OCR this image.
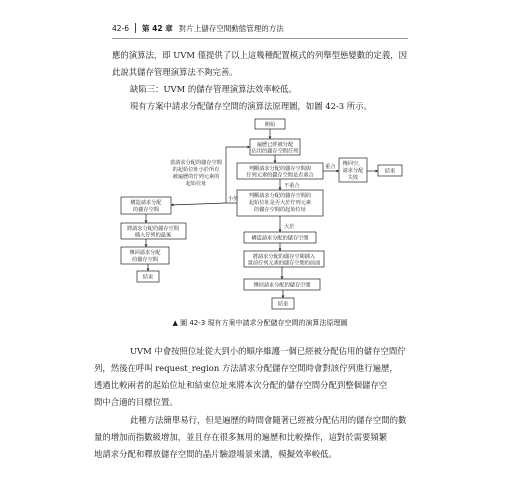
42-6 第 42 章 對片上儲存空間動態管理的方法

應的演算法，即 UVM 僅提供了以上這幾種配置模式的列舉型態變數的定義，因
此說其儲存管理演算法不夠完善。

缺陷三：UVM 的儲存管理演算法效率較低。

現有方案中請求分配儲存空間的演算法原理圖，如圖 42-3 所示。

開始
遍歷已經被分配
佔用的儲存空間佇列
判斷請求分配的儲存空間與
佇列元素的儲存空間是否重合
重合
不重合
傳回空，
請求分配
失敗
結束
判斷請求分配的儲存空間的
起始位址是否大於佇列元素
的儲存空間的起始位址
小於
大於
當請求分配的儲存空間
的起始位址小於所有
被遍歷的佇列元素的
起始位址
構造請求分配
的儲存空間
將請求分配的儲存空間
插入佇列的最後
傳回請求分配
的儲存空間
結束
構造請求分配的儲存空間
將請求分配的儲存空間插入
當前佇列元素的儲存空間的前面
傳回請求分配的儲存空間
結束
▲ 圖 42-3 現有方案中請求分配儲存空間的演算法原理圖

UVM 中會按照位址從大到小的順序維護一個已經被分配佔用的儲存空間佇
列，然後在呼叫 request_region 方法請求分配儲存空間時會對該佇列進行遍歷，
透過比較兩者的起始位址和結束位址來將本次分配的儲存空間分配到整個儲存空
間中合適的目標位置。

此種方法簡單易行，但是遍歷的時間會隨著已經被分配佔用的儲存空間的數
量的增加而指數級增加，並且存在很多無用的遍歷和比較操作，這對於需要頻繁
地請求分配和釋放儲存空間的晶片驗證場景來講，模擬效率較低。
